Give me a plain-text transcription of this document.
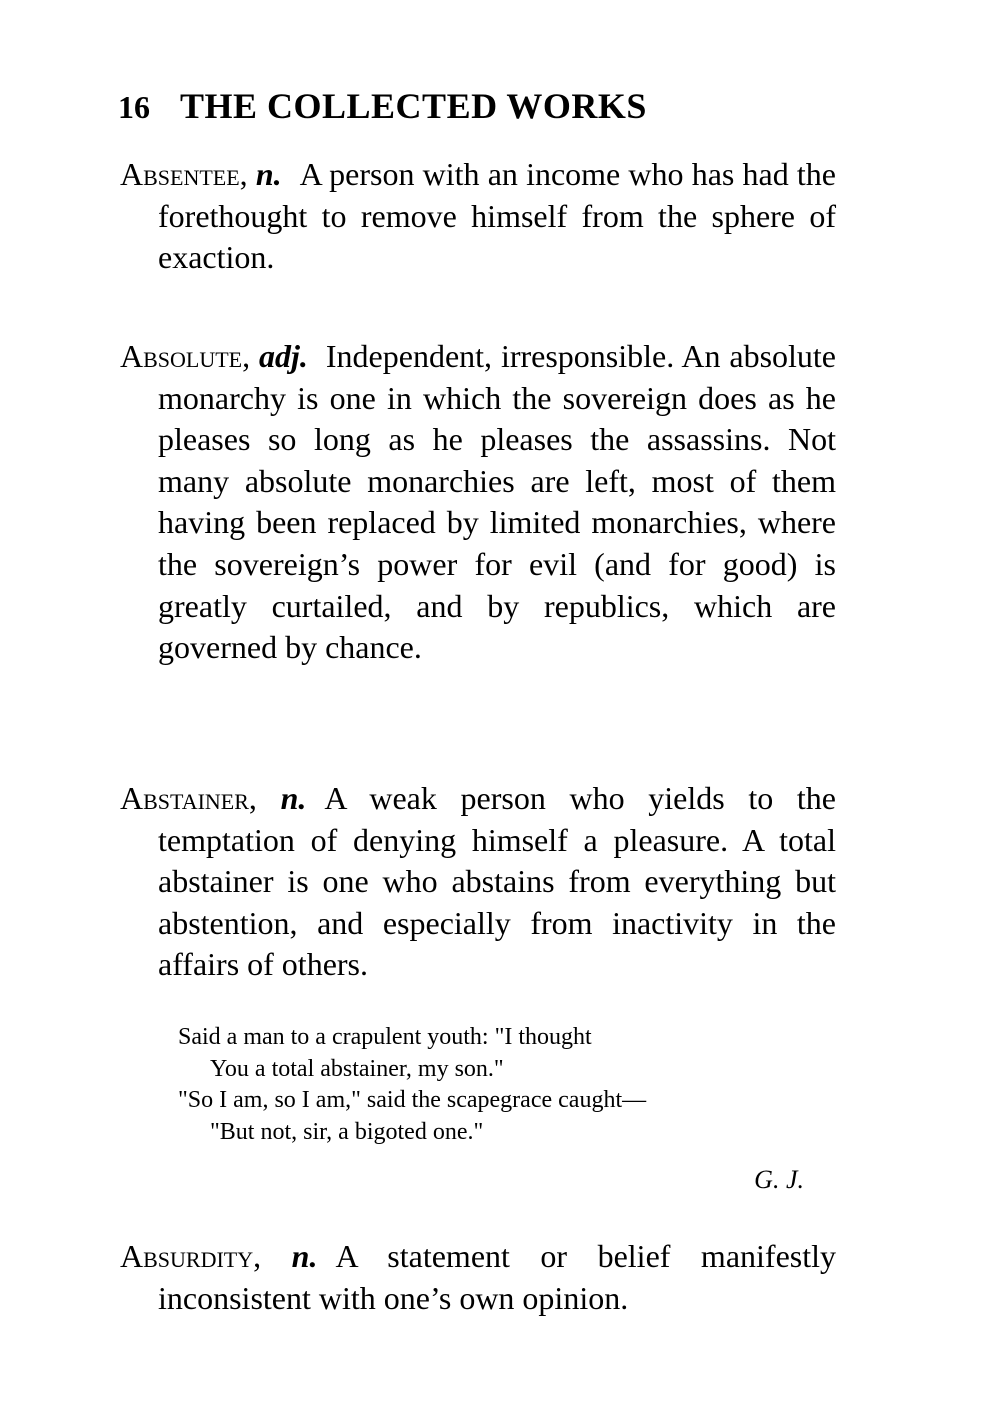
16 THE COLLECTED WORKS

Absentee, n. A person with an income who has had the forethought to remove himself from the sphere of exaction.

Absolute, adj. Independent, irresponsible. An absolute monarchy is one in which the sovereign does as he pleases so long as he pleases the assassins. Not many absolute monarchies are left, most of them having been replaced by limited monarchies, where the sovereign’s power for evil (and for good) is greatly curtailed, and by republics, which are governed by chance.

Abstainer, n. A weak person who yields to the temptation of denying himself a pleasure. A total abstainer is one who abstains from everything but abstention, and especially from inactivity in the affairs of others.

Said a man to a crapulent youth: "I thought
You a total abstainer, my son."
"So I am, so I am," said the scapegrace caught—
"But not, sir, a bigoted one."
G. J.

Absurdity, n. A statement or belief manifestly inconsistent with one’s own opinion.
